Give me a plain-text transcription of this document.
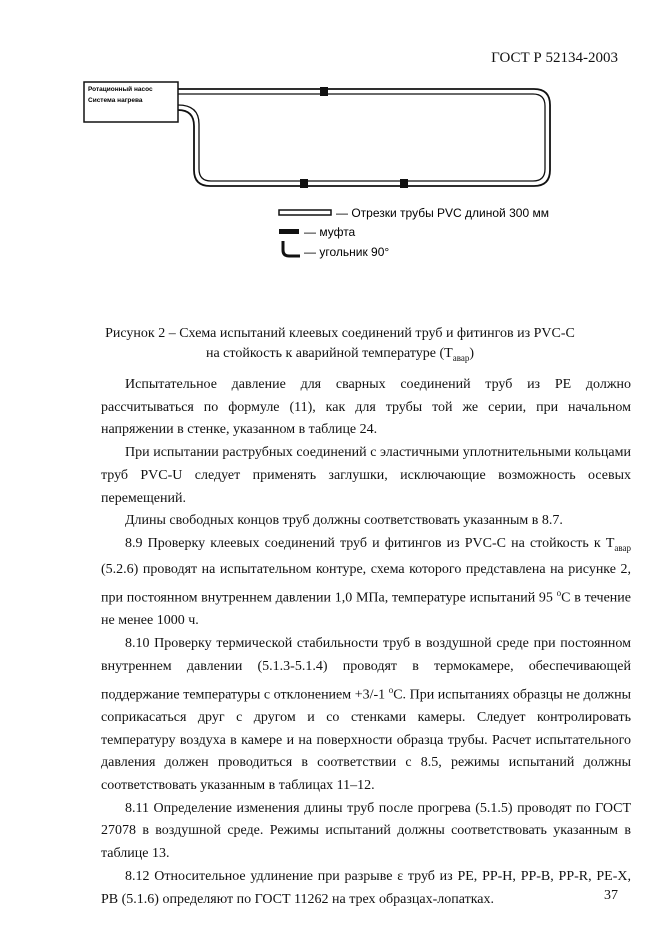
ГОСТ Р 52134-2003
Ротационный насос
Система нагрева
— Отрезки трубы PVC длиной 300 мм
— муфта
— угольник 90°
Рисунок 2 – Схема испытаний клеевых соединений труб и фитингов из PVC-С
на стойкость к аварийной температуре $(Т_{авар})$

Испытательное давление для сварных соединений труб из РЕ должно рассчитываться по формуле (11), как для трубы той же серии, при начальном напряжении в стенке, указанном в таблице 24.

При испытании раструбных соединений с эластичными уплотнительными кольцами труб PVC-U следует применять заглушки, исключающие возможность осевых перемещений.

Длины свободных концов труб должны соответствовать указанным в 8.7.

8.9 Проверку клеевых соединений труб и фитингов из PVC-С на стойкость к $Т_{авар}$ (5.2.6) проводят на испытательном контуре, схема которого представлена на рисунке 2, при постоянном внутреннем давлении 1,0 МПа, температуре испытаний 95 $^о$С в течение не менее 1000 ч.

8.10 Проверку термической стабильности труб в воздушной среде при постоянном внутреннем давлении (5.1.3-5.1.4) проводят в термокамере, обеспечивающей поддержание температуры с отклонением +3/-1 $^о$С. При испытаниях образцы не должны соприкасаться друг с другом и со стенками камеры. Следует контролировать температуру воздуха в камере и на поверхности образца трубы. Расчет испытательного давления должен проводиться в соответствии с 8.5, режимы испытаний должны соответствовать указанным в таблицах 11–12.

8.11 Определение изменения длины труб после прогрева (5.1.5) проводят по ГОСТ 27078 в воздушной среде. Режимы испытаний должны соответствовать указанным в таблице 13.

8.12 Относительное удлинение при разрыве ε труб из РЕ, РР-Н, РР-В, РР-R, РЕ-Х, РВ (5.1.6) определяют по ГОСТ 11262 на трех образцах-лопатках.	37
